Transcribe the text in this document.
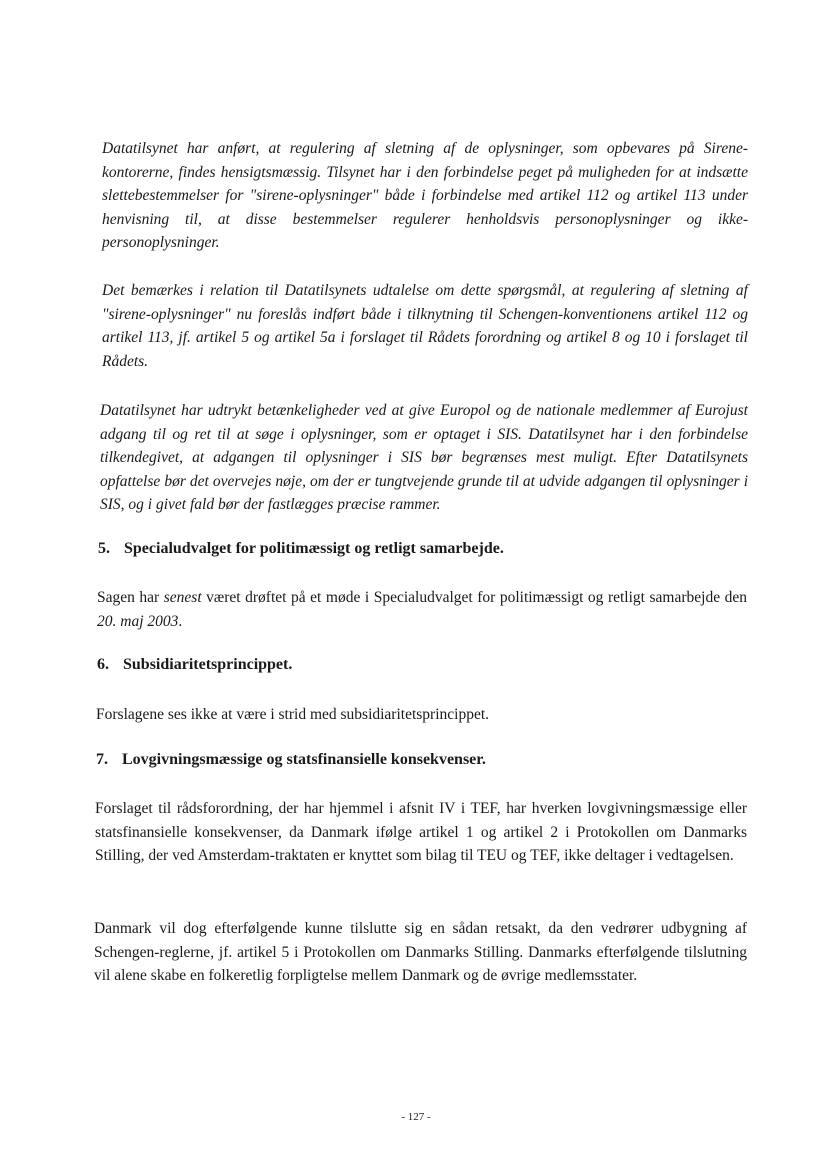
Datatilsynet har anført, at regulering af sletning af de oplysninger, som opbevares på Sirene-kontorerne, findes hensigtsmæssig. Tilsynet har i den forbindelse peget på muligheden for at indsætte slettebestemmelser for "sirene-oplysninger" både i forbindelse med artikel 112 og artikel 113 under henvisning til, at disse bestemmelser regulerer henholdsvis personoplysninger og ikke-personoplysninger.

Det bemærkes i relation til Datatilsynets udtalelse om dette spørgsmål, at regulering af sletning af "sirene-oplysninger" nu foreslås indført både i tilknytning til Schengen-konventionens artikel 112 og artikel 113, jf. artikel 5 og artikel 5a i forslaget til Rådets forordning og artikel 8 og 10 i forslaget til Rådets.

Datatilsynet har udtrykt betænkeligheder ved at give Europol og de nationale medlemmer af Eurojust adgang til og ret til at søge i oplysninger, som er optaget i SIS. Datatilsynet har i den forbindelse tilkendegivet, at adgangen til oplysninger i SIS bør begrænses mest muligt. Efter Datatilsynets opfattelse bør det overvejes nøje, om der er tungtvejende grunde til at udvide adgangen til oplysninger i SIS, og i givet fald bør der fastlægges præcise rammer.

5. Specialudvalget for politimæssigt og retligt samarbejde.

Sagen har senest været drøftet på et møde i Specialudvalget for politimæssigt og retligt samarbejde den 20. maj 2003.

6. Subsidiaritetsprincippet.

Forslagene ses ikke at være i strid med subsidiaritetsprincippet.

7. Lovgivningsmæssige og statsfinansielle konsekvenser.

Forslaget til rådsforordning, der har hjemmel i afsnit IV i TEF, har hverken lovgivningsmæssige eller statsfinansielle konsekvenser, da Danmark ifølge artikel 1 og artikel 2 i Protokollen om Danmarks Stilling, der ved Amsterdam-traktaten er knyttet som bilag til TEU og TEF, ikke deltager i vedtagelsen.

Danmark vil dog efterfølgende kunne tilslutte sig en sådan retsakt, da den vedrører udbygning af Schengen-reglerne, jf. artikel 5 i Protokollen om Danmarks Stilling. Danmarks efterfølgende tilslutning vil alene skabe en folkeretlig forpligtelse mellem Danmark og de øvrige medlemsstater.

- 127 -
